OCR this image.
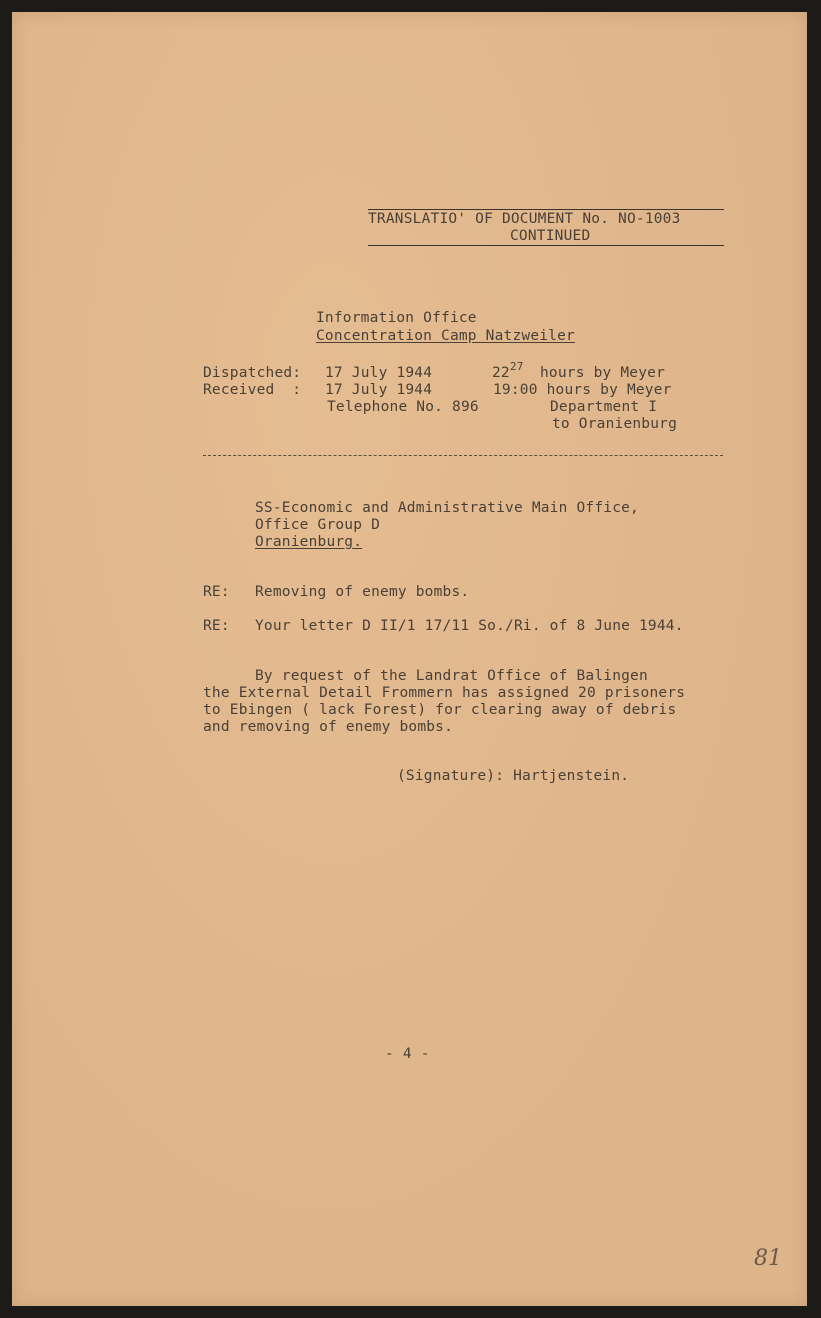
TRANSLATIO' OF DOCUMENT No. NO-1003
CONTINUED
Information Office
Concentration Camp Natzweiler
Dispatched: 17 July 1944	$22^{27}$ hours by Meyer
Received  : 17 July 1944	19:00 hours by Meyer
Telephone No. 896	Department I
to Oranienburg
SS-Economic and Administrative Main Office,
Office Group D
Oranienburg.
RE: Removing of enemy bombs.
RE: Your letter D II/1 17/11 So./Ri. of 8 June 1944.
By request of the Landrat Office of Balingen
the External Detail Frommern has assigned 20 prisoners
to Ebingen ( lack Forest) for clearing away of debris
and removing of enemy bombs.
(Signature): Hartjenstein.
- 4 -
81
